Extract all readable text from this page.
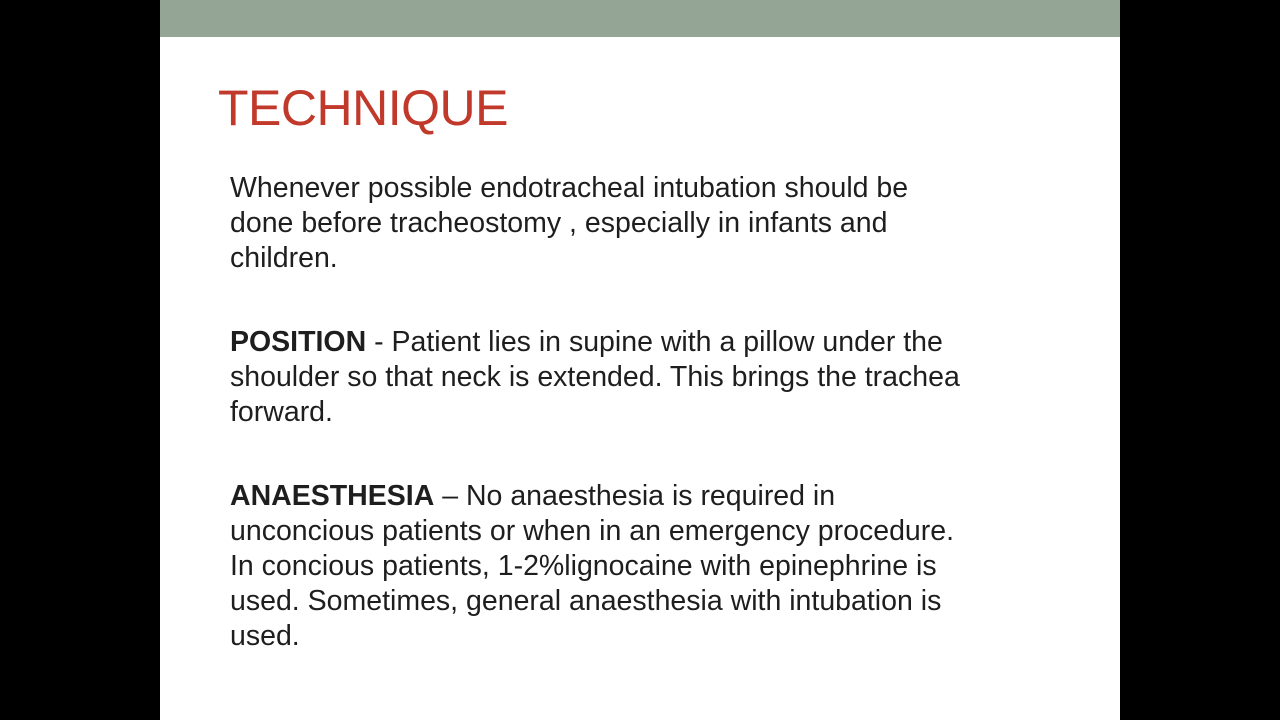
TECHNIQUE

Whenever possible endotracheal intubation should be
done before tracheostomy , especially in infants and
children.

POSITION - Patient lies in supine with a pillow under the
shoulder so that neck is extended. This brings the trachea
forward.

ANAESTHESIA – No anaesthesia is required in
unconcious patients or when in an emergency procedure.
In concious patients, 1-2%lignocaine with epinephrine is
used. Sometimes, general anaesthesia with intubation is
used.
